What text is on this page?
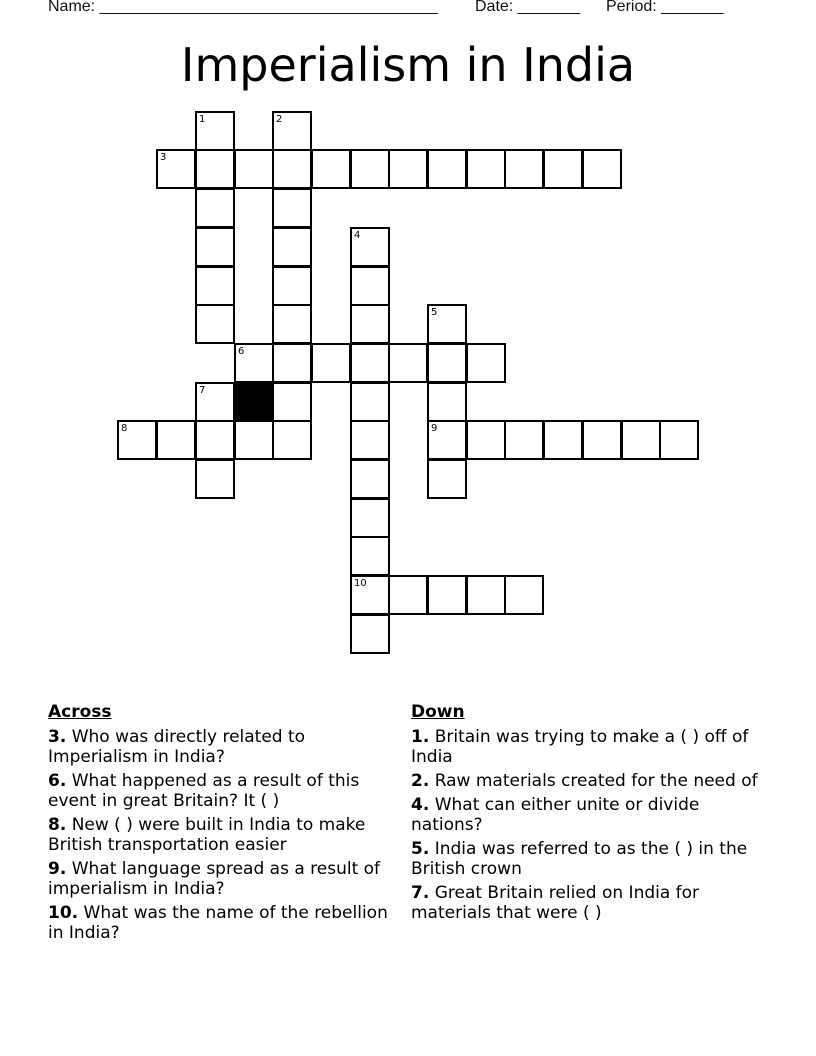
Name: ______________________________________ Date: _______ Period: _______
Imperialism in India
1	2
3
4
5
6
7
8	9
10
Across
3. Who was directly related to Imperialism in India?
6. What happened as a result of this event in great Britain? It ( )
8. New ( ) were built in India to make British transportation easier
9. What language spread as a result of imperialism in India?
10. What was the name of the rebellion in India?
Down
1. Britain was trying to make a ( ) off of India
2. Raw materials created for the need of
4. What can either unite or divide nations?
5. India was referred to as the ( ) in the British crown
7. Great Britain relied on India for materials that were ( )
